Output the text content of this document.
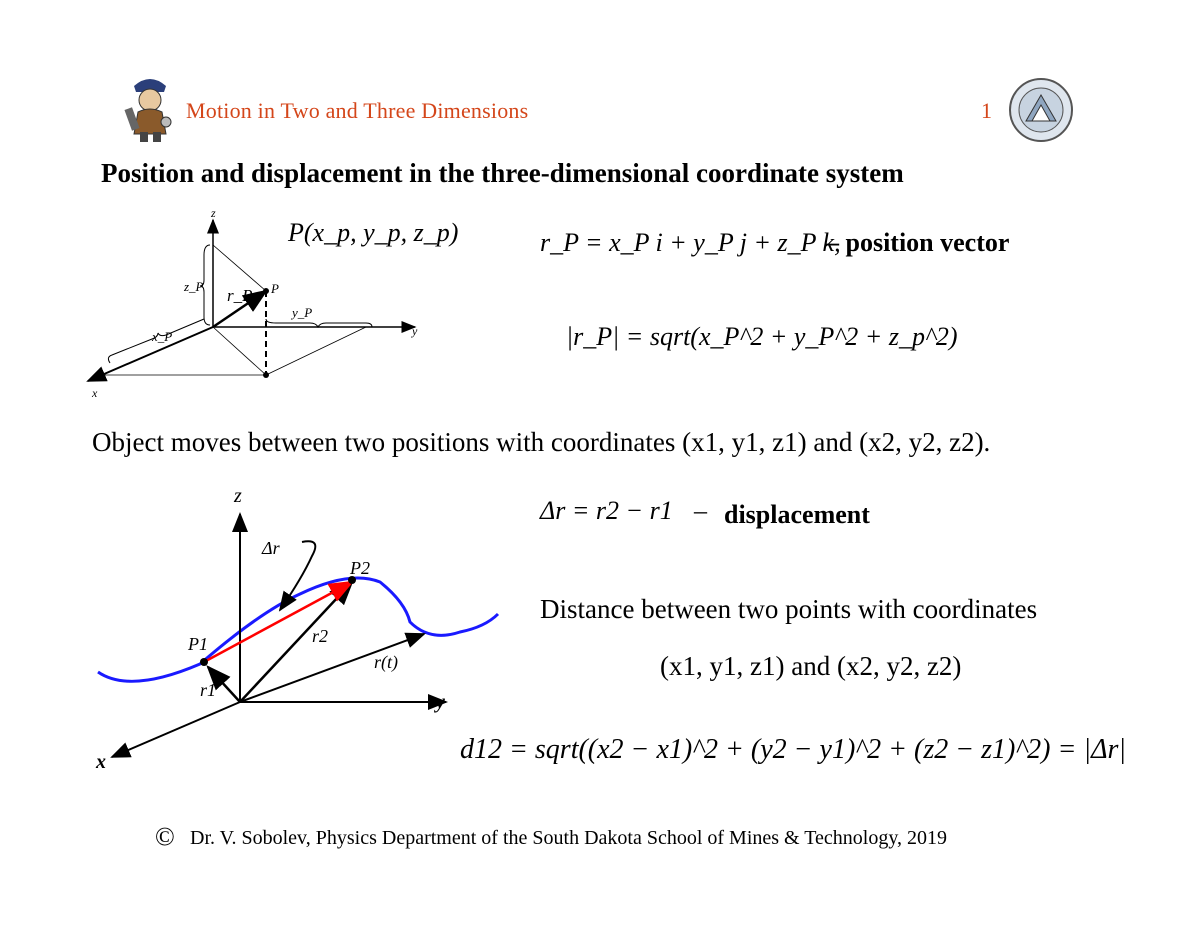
Motion in Two and Three Dimensions	1
Position and displacement in the three-dimensional coordinate system
z
y
x
z_P
x_P
y_P
r_P P
P(x_p, y_p, z_p)	r_P = x_P i + y_P j + z_P k,
– position vector
|r_P| = sqrt(x_P^2 + y_P^2 + z_p^2)
Object moves between two positions with coordinates (x1, y1, z1) and (x2, y2, z2).
z
y
x
Δr
P1
P2
r1
r2
r(t)
Δr = r2 − r1 – displacement
Distance between two points with coordinates
(x1, y1, z1) and (x2, y2, z2)
d12 = sqrt((x2 − x1)^2 + (y2 − y1)^2 + (z2 − z1)^2) = |Δr|
© Dr. V. Sobolev, Physics Department of the South Dakota School of Mines & Technology, 2019
